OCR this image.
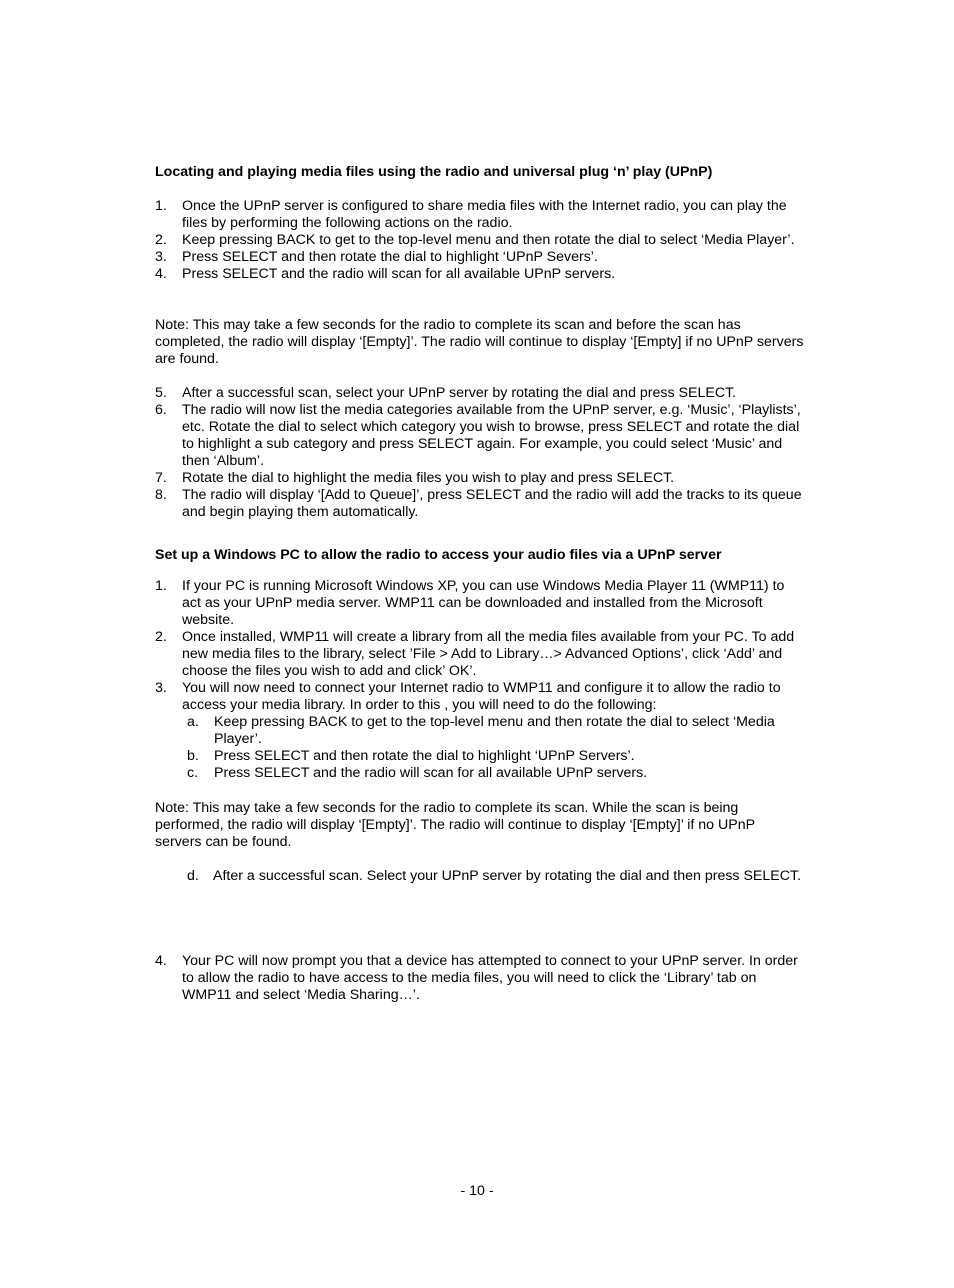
Locating and playing media files using the radio and universal plug ‘n’ play (UPnP)
1. Once the UPnP server is configured to share media files with the Internet radio, you can play the files by performing the following actions on the radio.
2. Keep pressing BACK to get to the top-level menu and then rotate the dial to select ‘Media Player’.
3. Press SELECT and then rotate the dial to highlight ‘UPnP Severs’.
4. Press SELECT and the radio will scan for all available UPnP servers.
Note: This may take a few seconds for the radio to complete its scan and before the scan has completed, the radio will display ‘[Empty]’. The radio will continue to display ‘[Empty] if no UPnP servers are found.
5. After a successful scan, select your UPnP server by rotating the dial and press SELECT.
6. The radio will now list the media categories available from the UPnP server, e.g. ‘Music’, ‘Playlists’, etc. Rotate the dial to select which category you wish to browse, press SELECT and rotate the dial to highlight a sub category and press SELECT again. For example, you could select ‘Music’ and then ‘Album’.
7. Rotate the dial to highlight the media files you wish to play and press SELECT.
8. The radio will display ‘[Add to Queue]’, press SELECT and the radio will add the tracks to its queue and begin playing them automatically.
Set up a Windows PC to allow the radio to access your audio files via a UPnP server
1. If your PC is running Microsoft Windows XP, you can use Windows Media Player 11 (WMP11) to act as your UPnP media server. WMP11 can be downloaded and installed from the Microsoft website.
2. Once installed, WMP11 will create a library from all the media files available from your PC. To add new media files to the library, select ’File > Add to Library…> Advanced Options’, click ‘Add’ and choose the files you wish to add and click’ OK’.
3. You will now need to connect your Internet radio to WMP11 and configure it to allow the radio to access your media library. In order to this , you will need to do the following:
a. Keep pressing BACK to get to the top-level menu and then rotate the dial to select ‘Media Player’.
b. Press SELECT and then rotate the dial to highlight ‘UPnP Servers’.
c. Press SELECT and the radio will scan for all available UPnP servers.
Note: This may take a few seconds for the radio to complete its scan. While the scan is being performed, the radio will display ‘[Empty]’. The radio will continue to display ‘[Empty]’ if no UPnP servers can be found.
d. After a successful scan. Select your UPnP server by rotating the dial and then press SELECT.
4. Your PC will now prompt you that a device has attempted to connect to your UPnP server. In order to allow the radio to have access to the media files, you will need to click the ‘Library’ tab on WMP11 and select ‘Media Sharing…’.
- 10 -
